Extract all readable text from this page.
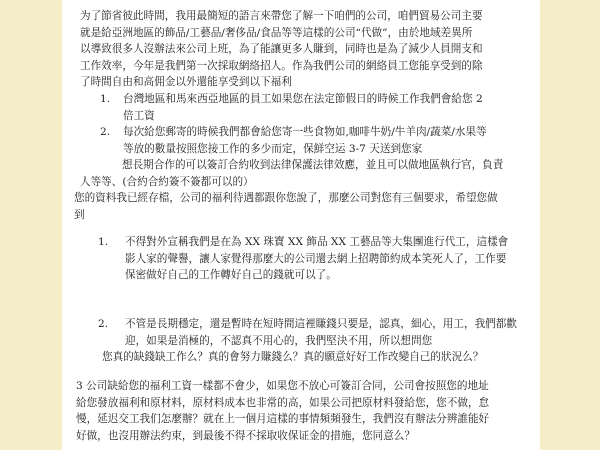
为了節省彼此時間，我用最簡短的語言來帶您了解一下咱們的公司，咱們貿易公司主要
就是給亞洲地區的飾品/工藝品/奢侈品/食品等等這樣的公司“代做”，由於地域差異所
以導致很多人沒辦法來公司上班，為了能讓更多人賺到，同時也是為了減少人員開支和
工作效率，今年是我們第一次採取網絡招人。作為我們公司的網絡員工您能享受到的除
了時間自由和高佣金以外還能享受到以下福利
1. 台灣地區和馬來西亞地區的員工如果您在法定節假日的時候工作我們會給您 2
倍工資
2. 每次給您郵寄的時候我們都會給您寄一些食物如,咖啡牛奶/牛羊肉/蔬菜/水果等
等放的數量按照您接工作的多少而定，保鮮空运 3-7 天送到您家
想長期合作的可以簽訂合約收到法律保護法律效應，並且可以做地區執行官，負責
人等等、(合約合約簽不簽都可以的）
您的資料我已經存檔，公司的福利待遇都跟你您說了，那麼公司對您有三個要求，希望您做
到
1. 不得對外宣稱我們是在為 XX 珠寶 XX 飾品 XX 工藝品等大集團進行代工，這樣會
影人家的聲譽，讓人家覺得那麼大的公司還去網上招聘節約成本笑死人了，工作要
保密做好自己的工作轉好自己的錢就可以了。
2. 不管是長期穩定，還是暫時在短時間這裡賺錢只要是，認真，細心，用工，我們都歡
迎，如果是消極的，不認真不用心的，我們堅決不用，所以想問您
您真的缺錢缺工作么？真的會努力賺錢么？真的願意好好工作改變自己的狀況么？
3 公司缺給您的福利工資一樣都不會少，如果您不放心可簽訂合同，公司會按照您的地址
給您發放福利和原材料，原材料成本也非常的高，如果公司把原材料發給您，您不做，怠
慢，延迟交工我们怎麼辦？就在上一個月這樣的事情頻頻發生，我們沒有辦法分辨誰能好
好做，也沒用辦法约束，到最後不得不採取收保证金的措施，您同意么？
